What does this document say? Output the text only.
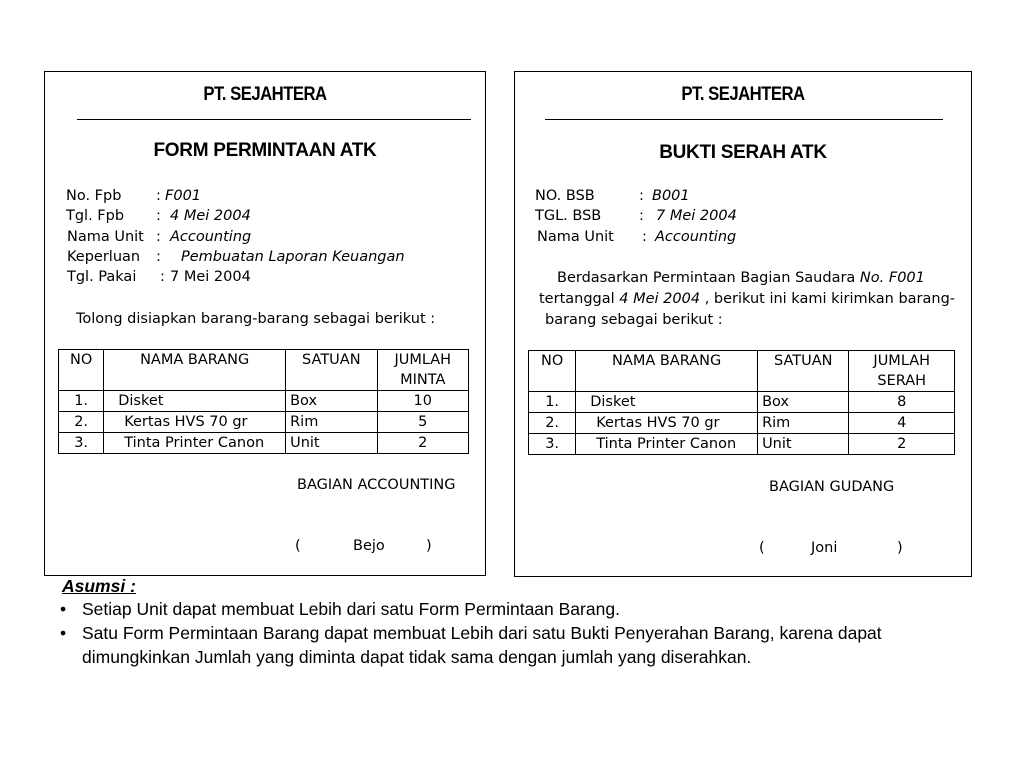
PT. SEJAHTERA
FORM PERMINTAAN ATK
No. Fpb : F001
Tgl. Fpb : 4 Mei 2004
Nama Unit : Accounting
Keperluan : Pembuatan Laporan Keuangan
Tgl. Pakai : 7 Mei 2004
Tolong disiapkan barang-barang sebagai berikut :
NO	NAMA BARANG	SATUAN	JUMLAH MINTA
1.	Disket	Box	10
2.	Kertas HVS 70 gr	Rim	5
3.	Tinta Printer Canon	Unit	2
BAGIAN ACCOUNTING
(	Bejo	)
PT. SEJAHTERA
BUKTI SERAH ATK
NO. BSB	: B001
TGL. BSB	: 7 Mei 2004
Nama Unit : Accounting
Berdasarkan Permintaan Bagian Saudara No. F001
tertanggal 4 Mei 2004 , berikut ini kami kirimkan barang-
barang sebagai berikut :
NO	NAMA BARANG	SATUAN	JUMLAH SERAH
1.	Disket	Box	8
2.	Kertas HVS 70 gr	Rim	4
3.	Tinta Printer Canon	Unit	2
BAGIAN GUDANG
(	Joni	)
Asumsi :
• Setiap Unit dapat membuat Lebih dari satu Form Permintaan Barang.
• Satu Form Permintaan Barang dapat membuat Lebih dari satu Bukti Penyerahan Barang, karena dapat dimungkinkan Jumlah yang diminta dapat tidak sama dengan jumlah yang diserahkan.
